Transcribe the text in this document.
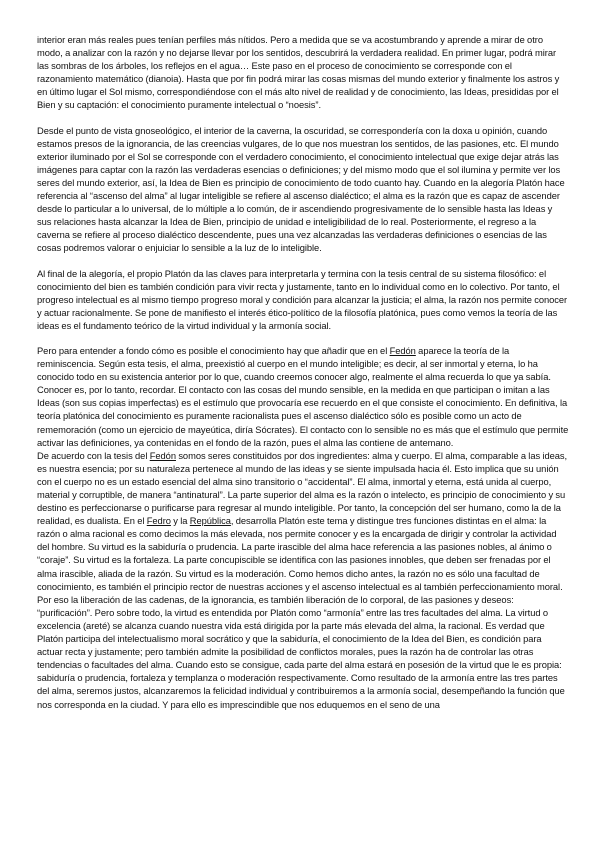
interior eran más reales pues tenían perfiles más nítidos. Pero a medida que se va acostumbrando y aprende a mirar de otro modo, a analizar con la razón y no dejarse llevar por los sentidos, descubrirá la verdadera realidad. En primer lugar, podrá mirar las sombras de los árboles, los reflejos en el agua… Este paso en el proceso de conocimiento se corresponde con el razonamiento matemático (dianoia). Hasta que por fin podrá mirar las cosas mismas del mundo exterior y finalmente los astros y en último lugar el Sol mismo, correspondiéndose con el más alto nivel de realidad y de conocimiento, las Ideas, presididas por el Bien y su captación: el conocimiento puramente intelectual o “noesis”.

Desde el punto de vista gnoseológico, el interior de la caverna, la oscuridad, se correspondería con la doxa u opinión, cuando estamos presos de la ignorancia, de las creencias vulgares, de lo que nos muestran los sentidos, de las pasiones, etc. El mundo exterior iluminado por el Sol se corresponde con el verdadero conocimiento, el conocimiento intelectual que exige dejar atrás las imágenes para captar con la razón las verdaderas esencias o definiciones; y del mismo modo que el sol ilumina y permite ver los seres del mundo exterior, así, la Idea de Bien es principio de conocimiento de todo cuanto hay. Cuando en la alegoría Platón hace referencia al “ascenso del alma” al lugar inteligible se refiere al ascenso dialéctico; el alma es la razón que es capaz de ascender desde lo particular a lo universal, de lo múltiple a lo común, de ir ascendiendo progresivamente de lo sensible hasta las Ideas y sus relaciones hasta alcanzar la Idea de Bien, principio de unidad e inteligibilidad de lo real. Posteriormente, el regreso a la caverna se refiere al proceso dialéctico descendente, pues una vez alcanzadas las verdaderas definiciones o esencias de las cosas podremos valorar o enjuiciar lo sensible a la luz de lo inteligible.

Al final de la alegoría, el propio Platón da las claves para interpretarla y termina con la tesis central de su sistema filosófico: el conocimiento del bien es también condición para vivir recta y justamente, tanto en lo individual como en lo colectivo. Por tanto, el progreso intelectual es al mismo tiempo progreso moral y condición para alcanzar la justicia; el alma, la razón nos permite conocer y actuar racionalmente. Se pone de manifiesto el interés ético-político de la filosofía platónica, pues como vemos la teoría de las ideas es el fundamento teórico de la virtud individual y la armonía social.

Pero para entender a fondo cómo es posible el conocimiento hay que añadir que en el Fedón aparece la teoría de la reminiscencia. Según esta tesis, el alma, preexistió al cuerpo en el mundo inteligible; es decir, al ser inmortal y eterna, lo ha conocido todo en su existencia anterior por lo que, cuando creemos conocer algo, realmente el alma recuerda lo que ya sabía. Conocer es, por lo tanto, recordar. El contacto con las cosas del mundo sensible, en la medida en que participan o imitan a las Ideas (son sus copias imperfectas) es el estímulo que provocaría ese recuerdo en el que consiste el conocimiento. En definitiva, la teoría platónica del conocimiento es puramente racionalista pues el ascenso dialéctico sólo es posible como un acto de rememoración (como un ejercicio de mayeútica, diría Sócrates). El contacto con lo sensible no es más que el estímulo que permite activar las definiciones, ya contenidas en el fondo de la razón, pues el alma las contiene de antemano.

De acuerdo con la tesis del Fedón somos seres constituidos por dos ingredientes: alma y cuerpo. El alma, comparable a las ideas, es nuestra esencia; por su naturaleza pertenece al mundo de las ideas y se siente impulsada hacia él. Esto implica que su unión con el cuerpo no es un estado esencial del alma sino transitorio o “accidental”. El alma, inmortal y eterna, está unida al cuerpo, material y corruptible, de manera “antinatural”. La parte superior del alma es la razón o intelecto, es principio de conocimiento y su destino es perfeccionarse o purificarse para regresar al mundo inteligible. Por tanto, la concepción del ser humano, como la de la realidad, es dualista. En el Fedro y la República, desarrolla Platón este tema y distingue tres funciones distintas en el alma: la razón o alma racional es como decimos la más elevada, nos permite conocer y es la encargada de dirigir y controlar la actividad del hombre. Su virtud es la sabiduría o prudencia. La parte irascible del alma hace referencia a las pasiones nobles, al ánimo o “coraje”. Su virtud es la fortaleza. La parte concupiscible se identifica con las pasiones innobles, que deben ser frenadas por el alma irascible, aliada de la razón. Su virtud es la moderación. Como hemos dicho antes, la razón no es sólo una facultad de conocimiento, es también el principio rector de nuestras acciones y el ascenso intelectual es al también perfeccionamiento moral. Por eso la liberación de las cadenas, de la ignorancia, es también liberación de lo corporal, de las pasiones y deseos: “purificación”. Pero sobre todo, la virtud es entendida por Platón como “armonía” entre las tres facultades del alma. La virtud o excelencia (areté) se alcanza cuando nuestra vida está dirigida por la parte más elevada del alma, la racional. Es verdad que Platón participa del intelectualismo moral socrático y que la sabiduría, el conocimiento de la Idea del Bien, es condición para actuar recta y justamente; pero también admite la posibilidad de conflictos morales, pues la razón ha de controlar las otras tendencias o facultades del alma. Cuando esto se consigue, cada parte del alma estará en posesión de la virtud que le es propia: sabiduría o prudencia, fortaleza y templanza o moderación respectivamente. Como resultado de la armonía entre las tres partes del alma, seremos justos, alcanzaremos la felicidad individual y contribuiremos a la armonía social, desempeñando la función que nos corresponda en la ciudad. Y para ello es imprescindible que nos eduquemos en el seno de una
